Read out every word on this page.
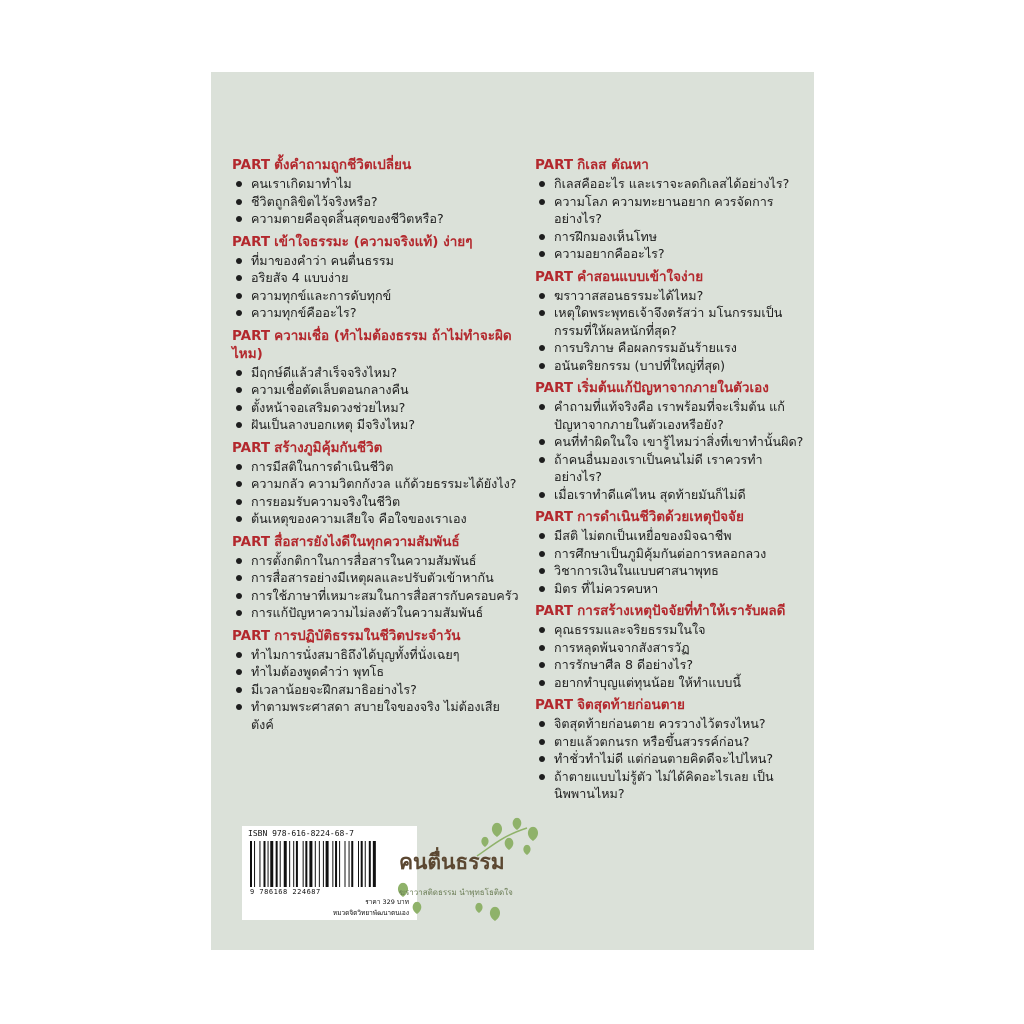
PART ตั้งคำถามถูกชีวิตเปลี่ยน
คนเราเกิดมาทำไม
ชีวิตถูกลิขิตไว้จริงหรือ?
ความตายคือจุดสิ้นสุดของชีวิตหรือ?
PART เข้าใจธรรมะ (ความจริงแท้) ง่ายๆ
ที่มาของคำว่า คนตื่นธรรม
อริยสัจ 4 แบบง่าย
ความทุกข์และการดับทุกข์
ความทุกข์คืออะไร?
PART ความเชื่อ (ทำไมต้องธรรม ถ้าไม่ทำจะผิดไหม)
มีฤกษ์ดีแล้วสำเร็จจริงไหม?
ความเชื่อตัดเล็บตอนกลางคืน
ตั้งหน้าจอเสริมดวงช่วยไหม?
ฝันเป็นลางบอกเหตุ มีจริงไหม?
PART สร้างภูมิคุ้มกันชีวิต
การมีสติในการดำเนินชีวิต
ความกลัว ความวิตกกังวล แก้ด้วยธรรมะได้ยังไง?
การยอมรับความจริงในชีวิต
ต้นเหตุของความเสียใจ คือใจของเราเอง
PART สื่อสารยังไงดีในทุกความสัมพันธ์
การตั้งกติกาในการสื่อสารในความสัมพันธ์
การสื่อสารอย่างมีเหตุผลและปรับตัวเข้าหากัน
การใช้ภาษาที่เหมาะสมในการสื่อสารกับครอบครัว
การแก้ปัญหาความไม่ลงตัวในความสัมพันธ์
PART การปฏิบัติธรรมในชีวิตประจำวัน
ทำไมการนั่งสมาธิถึงได้บุญทั้งที่นั่งเฉยๆ
ทำไมต้องพูดคำว่า พุทโธ
มีเวลาน้อยจะฝึกสมาธิอย่างไร?
ทำตามพระศาสดา สบายใจของจริง ไม่ต้องเสียตังค์
PART กิเลส ตัณหา
กิเลสคืออะไร และเราจะลดกิเลสได้อย่างไร?
ความโลภ ความทะยานอยาก ควรจัดการอย่างไร?
การฝึกมองเห็นโทษ
ความอยากคืออะไร?
PART คำสอนแบบเข้าใจง่าย
ฆราวาสสอนธรรมะได้ไหม?
เหตุใดพระพุทธเจ้าจึงตรัสว่า มโนกรรมเป็นกรรมที่ให้ผลหนักที่สุด?
การบริภาษ คือผลกรรมอันร้ายแรง
อนันตริยกรรม (บาปที่ใหญ่ที่สุด)
PART เริ่มต้นแก้ปัญหาจากภายในตัวเอง
คำถามที่แท้จริงคือ เราพร้อมที่จะเริ่มต้น แก้ปัญหาจากภายในตัวเองหรือยัง?
คนที่ทำผิดในใจ เขารู้ไหมว่าสิ่งที่เขาทำนั้นผิด?
ถ้าคนอื่นมองเราเป็นคนไม่ดี เราควรทำอย่างไร?
เมื่อเราทำดีแค่ไหน สุดท้ายมันก็ไม่ดี
PART การดำเนินชีวิตด้วยเหตุปัจจัย
มีสติ ไม่ตกเป็นเหยื่อของมิจฉาชีพ
การศึกษาเป็นภูมิคุ้มกันต่อการหลอกลวง
วิชาการเงินในแบบศาสนาพุทธ
มิตร ที่ไม่ควรคบหา
PART การสร้างเหตุปัจจัยที่ทำให้เรารับผลดี
คุณธรรมและจริยธรรมในใจ
การหลุดพ้นจากสังสารวัฏ
การรักษาศีล 8 ดีอย่างไร?
อยากทำบุญแต่ทุนน้อย ให้ทำแบบนี้
PART จิตสุดท้ายก่อนตาย
จิตสุดท้ายก่อนตาย ควรวางไว้ตรงไหน?
ตายแล้วตกนรก หรือขึ้นสวรรค์ก่อน?
ทำชั่วทำไม่ดี แต่ก่อนตายคิดดีจะไปไหน?
ถ้าตายแบบไม่รู้ตัว ไม่ได้คิดอะไรเลย เป็นนิพพานไหม?
ISBN 978-616-8224-68-7
9 786168 224687
ราคา 329 บาท
หมวดจิตวิทยาพัฒนาตนเอง
คนตื่นธรรม
ฆราวาสติดธรรม นำพุทธโธติดใจ
